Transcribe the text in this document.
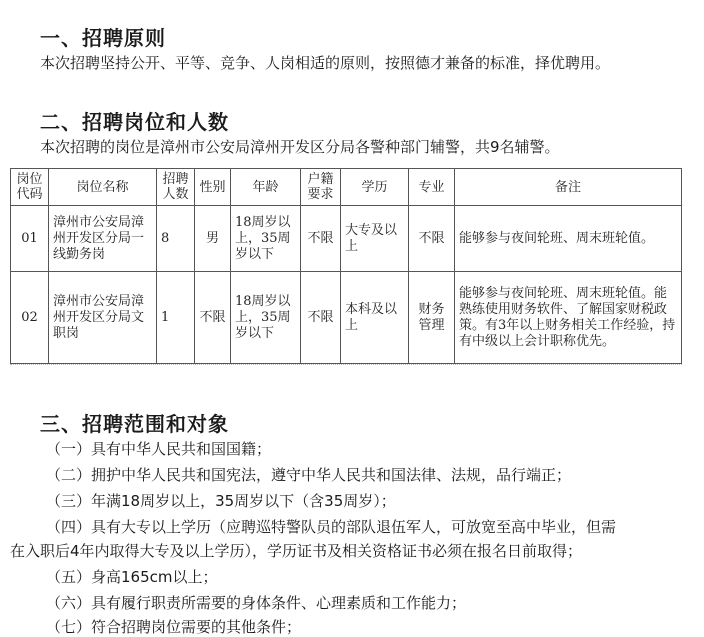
一、招聘原则

本次招聘坚持公开、平等、竞争、人岗相适的原则，按照德才兼备的标准，择优聘用。

二、招聘岗位和人数

本次招聘的岗位是漳州市公安局漳州开发区分局各警种部门辅警，共9名辅警。

岗位代码	岗位名称	招聘人数	性别	年龄	户籍要求	学历	专业	备注
01	漳州市公安局漳州开发区分局一线勤务岗	8	男	18周岁以上，35周岁以下	不限	大专及以上	不限	能够参与夜间轮班、周末班轮值。
02	漳州市公安局漳州开发区分局文职岗	1	不限	18周岁以上，35周岁以下	不限	本科及以上	财务管理	能够参与夜间轮班、周末班轮值。能熟练使用财务软件、了解国家财税政策。有3年以上财务相关工作经验，持有中级以上会计职称优先。
三、招聘范围和对象

（一）具有中华人民共和国国籍；

（二）拥护中华人民共和国宪法，遵守中华人民共和国法律、法规，品行端正；

（三）年满18周岁以上，35周岁以下（含35周岁）；

（四）具有大专以上学历（应聘巡特警队员的部队退伍军人，可放宽至高中毕业，但需

在入职后4年内取得大专及以上学历），学历证书及相关资格证书必须在报名日前取得；

（五）身高165cm以上；

（六）具有履行职责所需要的身体条件、心理素质和工作能力；

（七）符合招聘岗位需要的其他条件；
